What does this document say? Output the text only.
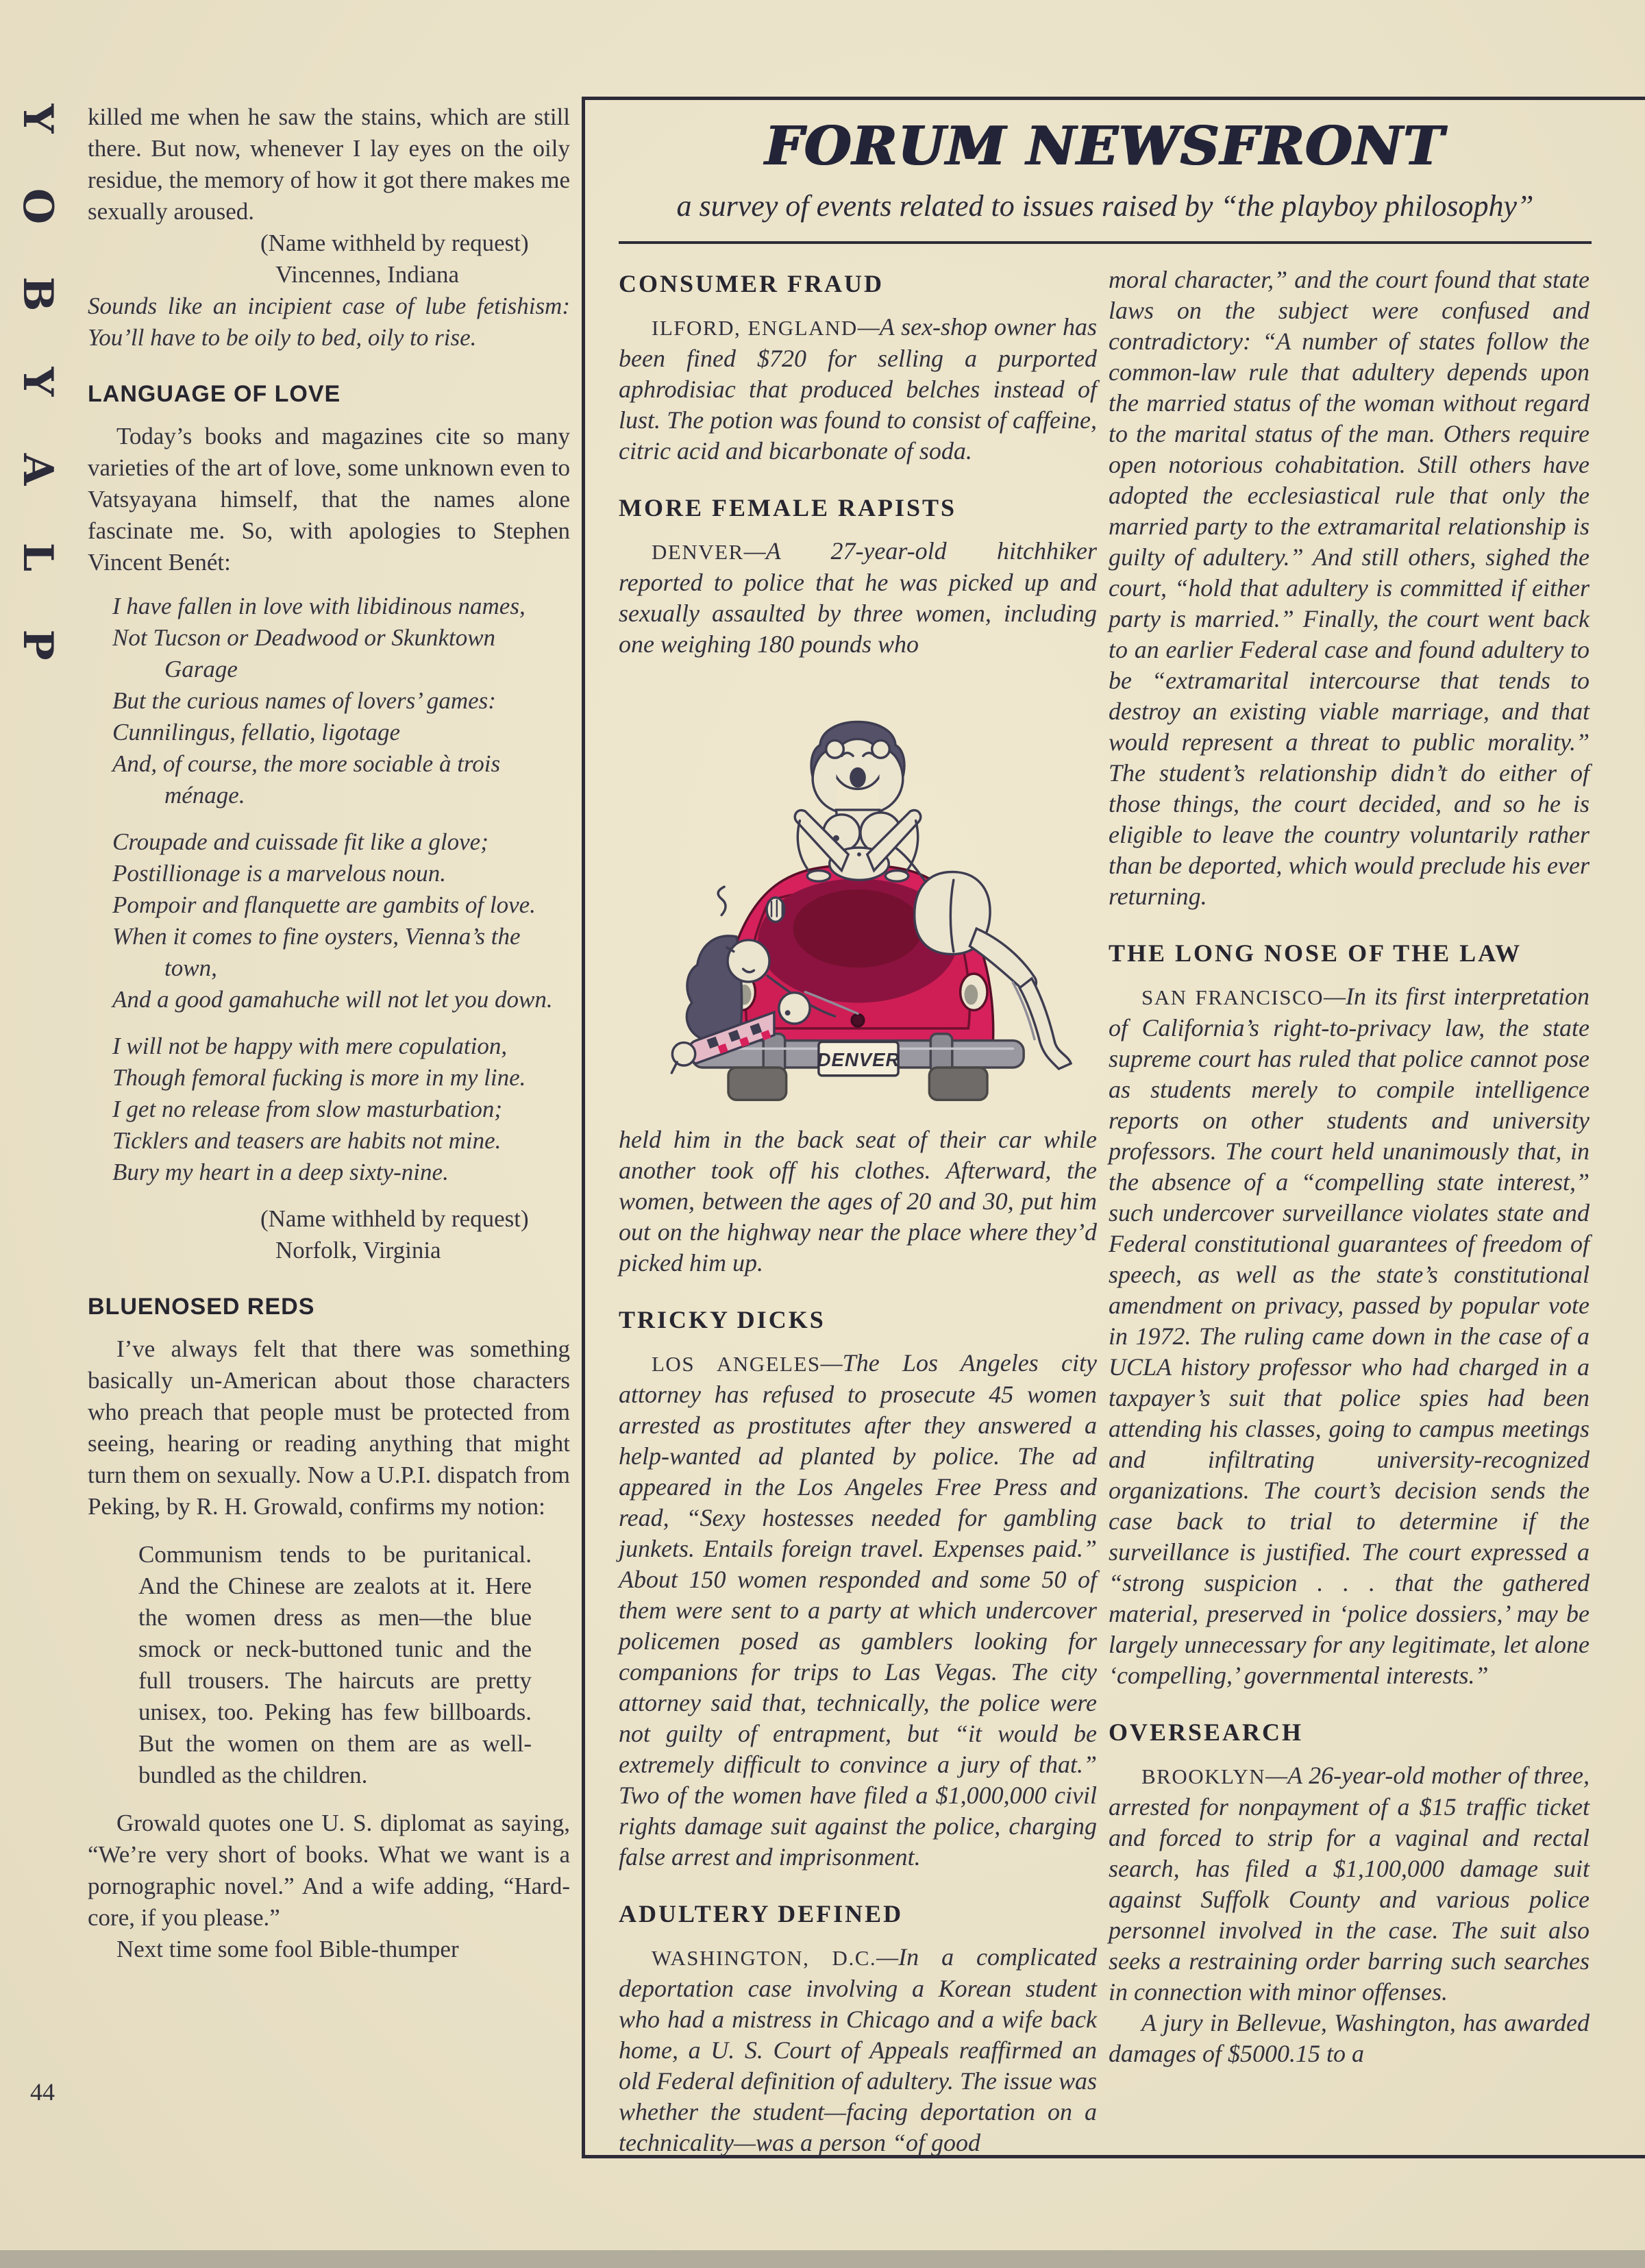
Y
O
B
Y
A
L
P

killed me when he saw the stains, which are still there. But now, whenever I lay eyes on the oily residue, the memory of how it got there makes me sexually aroused.

(Name withheld by request)
Vincennes, Indiana

Sounds like an incipient case of lube fetishism: You’ll have to be oily to bed, oily to rise.

LANGUAGE OF LOVE

Today’s books and magazines cite so many varieties of the art of love, some unknown even to Vatsyayana himself, that the names alone fascinate me. So, with apologies to Stephen Vincent Benét:

I have fallen in love with libidinous names,

Not Tucson or Deadwood or Skunktown Garage

But the curious names of lovers’ games:

Cunnilingus, fellatio, ligotage

And, of course, the more sociable à trois ménage.

Croupade and cuissade fit like a glove;

Postillionage is a marvelous noun.

Pompoir and flanquette are gambits of love.

When it comes to fine oysters, Vienna’s the town,

And a good gamahuche will not let you down.

I will not be happy with mere copulation,

Though femoral fucking is more in my line.

I get no release from slow masturbation;

Ticklers and teasers are habits not mine.

Bury my heart in a deep sixty-nine.

(Name withheld by request)
Norfolk, Virginia

BLUENOSED REDS

I’ve always felt that there was something basically un-American about those characters who preach that people must be protected from seeing, hearing or reading anything that might turn them on sexually. Now a U.P.I. dispatch from Peking, by R. H. Growald, confirms my notion:

Communism tends to be puritanical. And the Chinese are zealots at it. Here the women dress as men—the blue smock or neck-buttoned tunic and the full trousers. The haircuts are pretty unisex, too. Peking has few billboards. But the women on them are as well-bundled as the children.

Growald quotes one U. S. diplomat as saying, “We’re very short of books. What we want is a pornographic novel.” And a wife adding, “Hard-core, if you please.”

Next time some fool Bible-thumper

FORUM NEWSFRONT
a survey of events related to issues raised by “the playboy philosophy”

CONSUMER FRAUD

ILFORD, ENGLAND—A sex-shop owner has been fined $720 for selling a purported aphrodisiac that produced belches instead of lust. The potion was found to consist of caffeine, citric acid and bicarbonate of soda.

MORE FEMALE RAPISTS

DENVER—A 27-year-old hitchhiker reported to police that he was picked up and sexually assaulted by three women, including one weighing 180 pounds who

DENVER

held him in the back seat of their car while another took off his clothes. Afterward, the women, between the ages of 20 and 30, put him out on the highway near the place where they’d picked him up.

TRICKY DICKS

LOS ANGELES—The Los Angeles city attorney has refused to prosecute 45 women arrested as prostitutes after they answered a help-wanted ad planted by police. The ad appeared in the Los Angeles Free Press and read, “Sexy hostesses needed for gambling junkets. Entails foreign travel. Expenses paid.” About 150 women responded and some 50 of them were sent to a party at which undercover policemen posed as gamblers looking for companions for trips to Las Vegas. The city attorney said that, technically, the police were not guilty of entrapment, but “it would be extremely difficult to convince a jury of that.” Two of the women have filed a $1,000,000 civil rights damage suit against the police, charging false arrest and imprisonment.

ADULTERY DEFINED

WASHINGTON, D.C.—In a complicated deportation case involving a Korean student who had a mistress in Chicago and a wife back home, a U. S. Court of Appeals reaffirmed an old Federal definition of adultery. The issue was whether the student—facing deportation on a technicality—was a person “of good

moral character,” and the court found that state laws on the subject were confused and contradictory: “A number of states follow the common-law rule that adultery depends upon the married status of the woman without regard to the marital status of the man. Others require open notorious cohabitation. Still others have adopted the ecclesiastical rule that only the married party to the extramarital relationship is guilty of adultery.” And still others, sighed the court, “hold that adultery is committed if either party is married.” Finally, the court went back to an earlier Federal case and found adultery to be “extramarital intercourse that tends to destroy an existing viable marriage, and that would represent a threat to public morality.” The student’s relationship didn’t do either of those things, the court decided, and so he is eligible to leave the country voluntarily rather than be deported, which would preclude his ever returning.

THE LONG NOSE OF THE LAW

SAN FRANCISCO—In its first interpretation of California’s right-to-privacy law, the state supreme court has ruled that police cannot pose as students merely to compile intelligence reports on other students and university professors. The court held unanimously that, in the absence of a “compelling state interest,” such undercover surveillance violates state and Federal constitutional guarantees of freedom of speech, as well as the state’s constitutional amendment on privacy, passed by popular vote in 1972. The ruling came down in the case of a UCLA history professor who had charged in a taxpayer’s suit that police spies had been attending his classes, going to campus meetings and infiltrating university-recognized organizations. The court’s decision sends the case back to trial to determine if the surveillance is justified. The court expressed a “strong suspicion . . . that the gathered material, preserved in ‘police dossiers,’ may be largely unnecessary for any legitimate, let alone ‘compelling,’ governmental interests.”

OVERSEARCH

BROOKLYN—A 26-year-old mother of three, arrested for nonpayment of a $15 traffic ticket and forced to strip for a vaginal and rectal search, has filed a $1,100,000 damage suit against Suffolk County and various police personnel involved in the case. The suit also seeks a restraining order barring such searches in connection with minor offenses.

A jury in Bellevue, Washington, has awarded damages of $5000.15 to a

44
